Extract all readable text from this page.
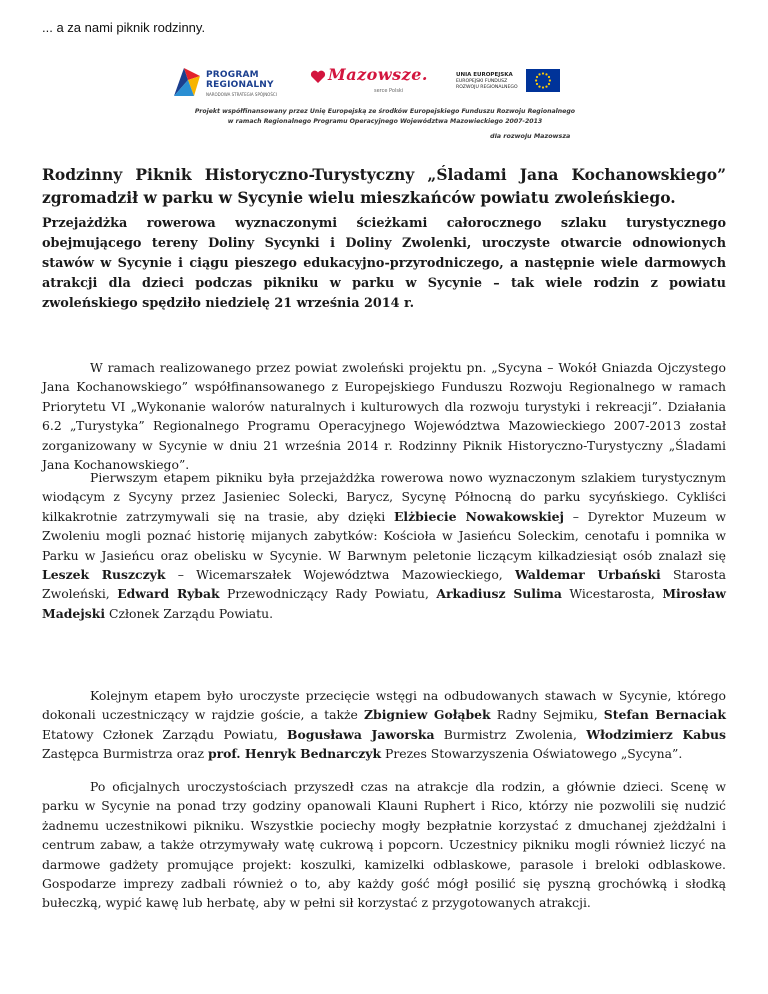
... a za nami piknik rodzinny.
PROGRAM
REGIONALNY
NARODOWA STRATEGIA SPÓJNOŚCI
Mazowsze.
serce Polski
UNIA EUROPEJSKA
EUROPEJSKI FUNDUSZ
ROZWOJU REGIONALNEGO
Projekt współfinansowany przez Unię Europejską ze środków Europejskiego Funduszu Rozwoju Regionalnego
w ramach Regionalnego Programu Operacyjnego Województwa Mazowieckiego 2007-2013
dla rozwoju Mazowsza

Rodzinny Piknik Historyczno-Turystyczny „Śladami Jana Kochanowskiego” zgromadził w parku w Sycynie wielu mieszkańców powiatu zwoleńskiego.

Przejażdżka rowerowa wyznaczonymi ścieżkami całorocznego szlaku turystycznego obejmującego tereny Doliny Sycynki i Doliny Zwolenki, uroczyste otwarcie odnowionych stawów w Sycynie i ciągu pieszego edukacyjno-przyrodniczego, a następnie wiele darmowych atrakcji dla dzieci podczas pikniku w parku w Sycynie – tak wiele rodzin z powiatu zwoleńskiego spędziło niedzielę 21 września 2014 r.

W ramach realizowanego przez powiat zwoleński projektu pn. „Sycyna – Wokół Gniazda Ojczystego Jana Kochanowskiego” współfinansowanego z Europejskiego Funduszu Rozwoju Regionalnego w ramach Priorytetu VI „Wykonanie walorów naturalnych i kulturowych dla rozwoju turystyki i rekreacji”. Działania 6.2 „Turystyka” Regionalnego Programu Operacyjnego Województwa Mazowieckiego 2007-2013 został zorganizowany w Sycynie w dniu 21 września 2014 r. Rodzinny Piknik Historyczno-Turystyczny „Śladami Jana Kochanowskiego”.

Pierwszym etapem pikniku była przejażdżka rowerowa nowo wyznaczonym szlakiem turystycznym wiodącym z Sycyny przez Jasieniec Solecki, Barycz, Sycynę Północną do parku sycyńskiego. Cykliści kilkakrotnie zatrzymywali się na trasie, aby dzięki Elżbiecie Nowakowskiej – Dyrektor Muzeum w Zwoleniu mogli poznać historię mijanych zabytków: Kościoła w Jasieńcu Soleckim, cenotafu i pomnika w Parku w Jasieńcu oraz obelisku w Sycynie. W Barwnym peletonie liczącym kilkadziesiąt osób znalazł się Leszek Ruszczyk – Wicemarszałek Województwa Mazowieckiego, Waldemar Urbański Starosta Zwoleński, Edward Rybak Przewodniczący Rady Powiatu, Arkadiusz Sulima Wicestarosta, Mirosław Madejski Członek Zarządu Powiatu.

Kolejnym etapem było uroczyste przecięcie wstęgi na odbudowanych stawach w Sycynie, którego dokonali uczestniczący w rajdzie goście, a także Zbigniew Gołąbek Radny Sejmiku, Stefan Bernaciak Etatowy Członek Zarządu Powiatu, Bogusława Jaworska Burmistrz Zwolenia, Włodzimierz Kabus Zastępca Burmistrza oraz prof. Henryk Bednarczyk Prezes Stowarzyszenia Oświatowego „Sycyna”.

Po oficjalnych uroczystościach przyszedł czas na atrakcje dla rodzin, a głównie dzieci. Scenę w parku w Sycynie na ponad trzy godziny opanowali Klauni Ruphert i Rico, którzy nie pozwolili się nudzić żadnemu uczestnikowi pikniku. Wszystkie pociechy mogły bezpłatnie korzystać z dmuchanej zjeżdżalni i centrum zabaw, a także otrzymywały watę cukrową i popcorn. Uczestnicy pikniku mogli również liczyć na darmowe gadżety promujące projekt: koszulki, kamizelki odblaskowe, parasole i breloki odblaskowe. Gospodarze imprezy zadbali również o to, aby każdy gość mógł posilić się pyszną grochówką i słodką bułeczką, wypić kawę lub herbatę, aby w pełni sił korzystać z przygotowanych atrakcji.
